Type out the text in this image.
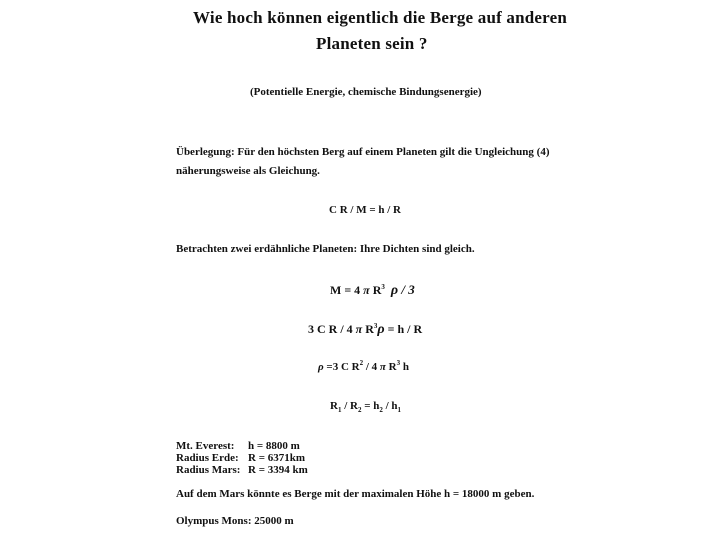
Wie hoch können eigentlich die Berge auf anderen
Planeten sein ?
(Potentielle Energie, chemische Bindungsenergie)
Überlegung: Für den höchsten Berg auf einem Planeten gilt die Ungleichung (4)
näherungsweise als Gleichung.
C R / M = h / R
Betrachten zwei erdähnliche Planeten: Ihre Dichten sind gleich.
M = 4 π $R^3$ ρ / 3
3 C R / 4 π $R^3\rho = h / R$
ρ =3 C $R^2 / 4$ π $R^3$ h
$R_1 / R_2 = h_2 / h_1$
Mt. Everest:	h = 8800 m
Radius Erde: R = 6371km
Radius Mars: R = 3394 km
Auf dem Mars könnte es Berge mit der maximalen Höhe h = 18000 m geben.
Olympus Mons: 25000 m
